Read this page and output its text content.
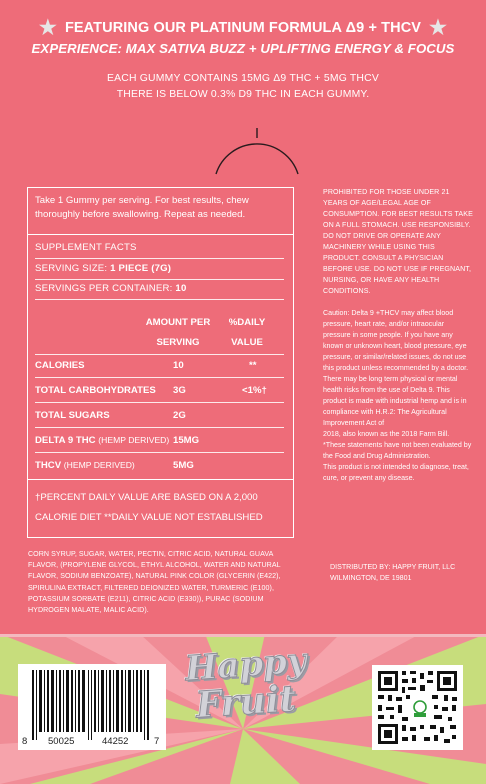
★ FEATURING OUR PLATINUM FORMULA Δ9 + THCV ★
EXPERIENCE: MAX SATIVA BUZZ + UPLIFTING ENERGY & FOCUS
EACH GUMMY CONTAINS 15MG Δ9 THC + 5MG THCV
THERE IS BELOW 0.3% D9 THC IN EACH GUMMY.
Take 1 Gummy per serving. For best results, chew thoroughly before swallowing. Repeat as needed.
SUPPLEMENT FACTS
SERVING SIZE: 1 PIECE (7G)
SERVINGS PER CONTAINER: 10
AMOUNT PER
SERVING
%DAILY
VALUE
CALORIES	10	**
TOTAL CARBOHYDRATES 3G	<1%†
TOTAL SUGARS	2G
DELTA 9 THC (HEMP DERIVED) 15MG
THCV (HEMP DERIVED)	5MG
†PERCENT DAILY VALUE ARE BASED ON A 2,000
CALORIE DIET **DAILY VALUE NOT ESTABLISHED

PROHIBITED FOR THOSE UNDER 21 YEARS OF AGE/LEGAL AGE OF CONSUMPTION. FOR BEST RESULTS TAKE ON A FULL STOMACH. USE RESPONSIBLY. DO NOT DRIVE OR OPERATE ANY MACHINERY WHILE USING THIS PRODUCT. CONSULT A PHYSICIAN BEFORE USE. DO NOT USE IF PREGNANT, NURSING, OR HAVE ANY HEALTH CONDITIONS.

Caution: Delta 9 +THCV may affect blood pressure, heart rate, and/or intraocular pressure in some people. If you have any known or unknown heart, blood pressure, eye pressure, or similar/related issues, do not use this product unless recommended by a doctor. There may be long term physical or mental health risks from the use of Delta 9. This product is made with industrial hemp and is in compliance with H.R.2: The Agricultural Improvement Act of

2018, also known as the 2018 Farm Bill.

*These statements have not been evaluated by the Food and Drug Administration.

This product is not intended to diagnose, treat, cure, or prevent any disease.

CORN SYRUP, SUGAR, WATER, PECTIN, CITRIC ACID, NATURAL GUAVA FLAVOR, (PROPYLENE GLYCOL, ETHYL ALCOHOL, WATER AND NATURAL FLAVOR, SODIUM BENZOATE), NATURAL PINK COLOR (GLYCERIN (E422), SPIRULINA EXTRACT, FILTERED DEIONIZED WATER, TURMERIC (E100), POTASSIUM SORBATE (E211), CITRIC ACID (E330)), PURAC (SODIUM HYDROGEN MALATE, MALIC ACID).
DISTRIBUTED BY: HAPPY FRUIT, LLC
WILMINGTON, DE 19801
8 50025	44252	7
Happy
Fruit
